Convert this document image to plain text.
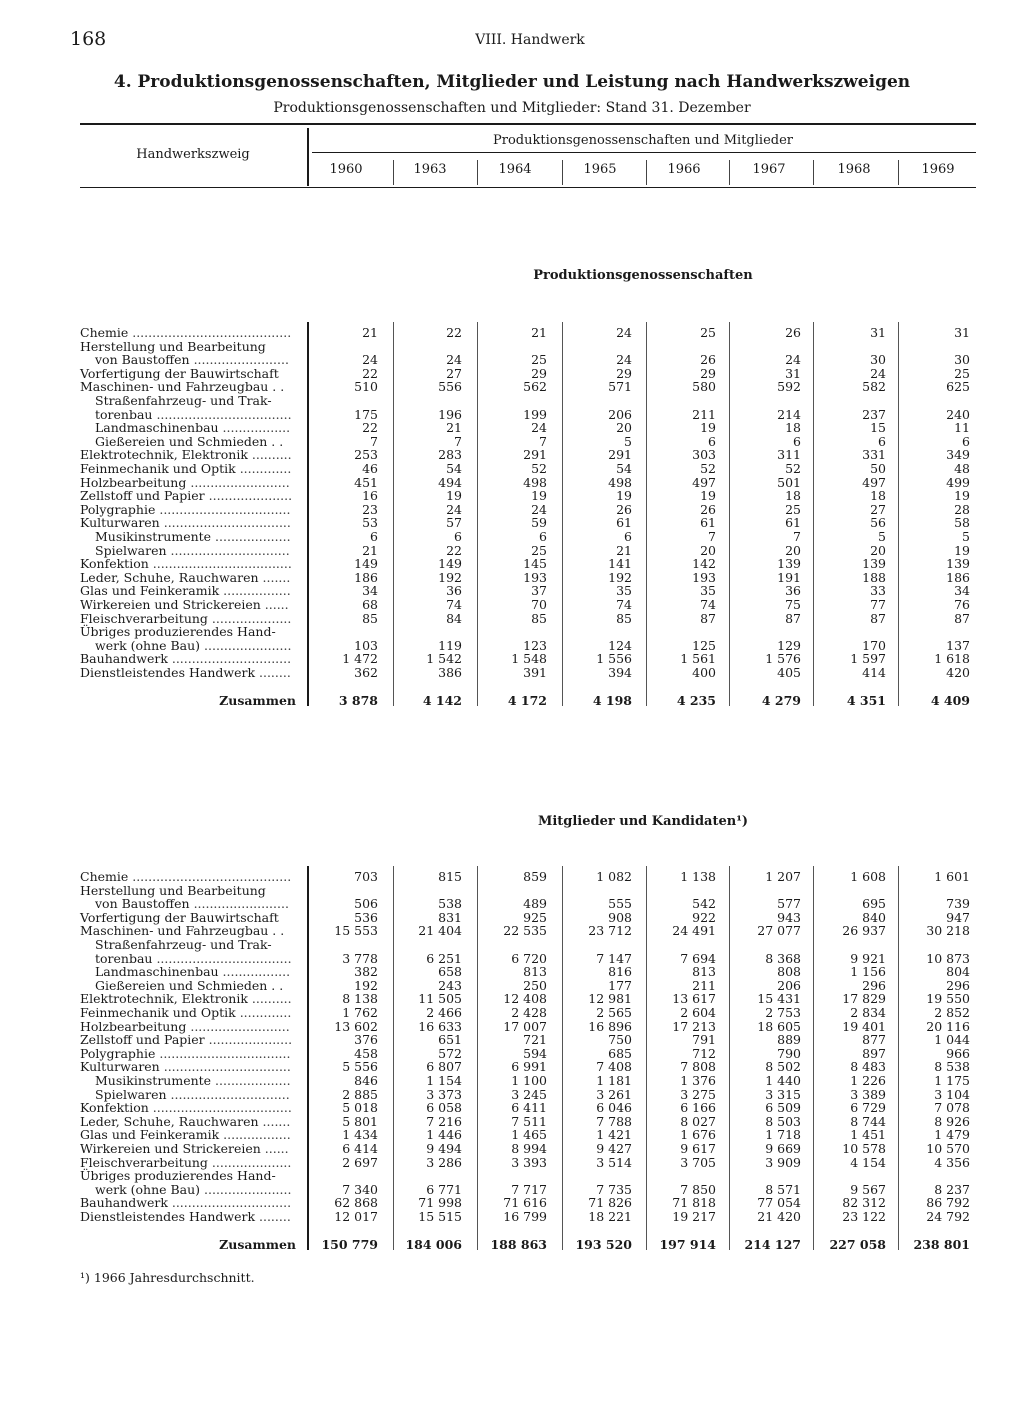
168	VIII. Handwerk
4. Produktionsgenossenschaften, Mitglieder und Leistung nach Handwerkszweigen
Produktionsgenossenschaften und Mitglieder: Stand 31. Dezember
Handwerkszweig
Produktionsgenossenschaften und Mitglieder
1960	1963	1964	1965	1966	1967	1968	1969
Produktionsgenossenschaften
Chemie ........................................	21	22	21	24	25	26	31	31
Herstellung und Bearbeitung
von Baustoffen ........................	24	24	25	24	26	24	30	30
Vorfertigung der Bauwirtschaft	22	27	29	29	29	31	24	25
Maschinen- und Fahrzeugbau . .	510	556	562	571	580	592	582	625
Straßenfahrzeug- und Trak-
torenbau ..................................	175	196	199	206	211	214	237	240
Landmaschinenbau .................	22	21	24	20	19	18	15	11
Gießereien und Schmieden . .	7	7	7	5	6	6	6	6
Elektrotechnik, Elektronik ..........	253	283	291	291	303	311	331	349
Feinmechanik und Optik .............	46	54	52	54	52	52	50	48
Holzbearbeitung .........................	451	494	498	498	497	501	497	499
Zellstoff und Papier .....................	16	19	19	19	19	18	18	19
Polygraphie .................................	23	24	24	26	26	25	27	28
Kulturwaren ................................	53	57	59	61	61	61	56	58
Musikinstrumente ...................	6	6	6	6	7	7	5	5
Spielwaren ..............................	21	22	25	21	20	20	20	19
Konfektion ...................................	149	149	145	141	142	139	139	139
Leder, Schuhe, Rauchwaren .......	186	192	193	192	193	191	188	186
Glas und Feinkeramik .................	34	36	37	35	35	36	33	34
Wirkereien und Strickereien ......	68	74	70	74	74	75	77	76
Fleischverarbeitung ....................	85	84	85	85	87	87	87	87
Übriges produzierendes Hand-
werk (ohne Bau) ......................	103	119	123	124	125	129	170	137
Bauhandwerk ..............................	1 472	1 542	1 548	1 556	1 561	1 576	1 597	1 618
Dienstleistendes Handwerk ........	362	386	391	394	400	405	414	420
Zusammen	3 878	4 142	4 172	4 198	4 235	4 279	4 351	4 409
Mitglieder und Kandidaten¹)
Chemie ........................................	703	815	859	1 082	1 138	1 207	1 608	1 601
Herstellung und Bearbeitung
von Baustoffen ........................	506	538	489	555	542	577	695	739
Vorfertigung der Bauwirtschaft	536	831	925	908	922	943	840	947
Maschinen- und Fahrzeugbau . .	15 553	21 404	22 535	23 712	24 491	27 077	26 937	30 218
Straßenfahrzeug- und Trak-
torenbau ..................................	3 778	6 251	6 720	7 147	7 694	8 368	9 921	10 873
Landmaschinenbau .................	382	658	813	816	813	808	1 156	804
Gießereien und Schmieden . .	192	243	250	177	211	206	296	296
Elektrotechnik, Elektronik ..........	8 138	11 505	12 408	12 981	13 617	15 431	17 829	19 550
Feinmechanik und Optik .............	1 762	2 466	2 428	2 565	2 604	2 753	2 834	2 852
Holzbearbeitung .........................	13 602	16 633	17 007	16 896	17 213	18 605	19 401	20 116
Zellstoff und Papier .....................	376	651	721	750	791	889	877	1 044
Polygraphie .................................	458	572	594	685	712	790	897	966
Kulturwaren ................................	5 556	6 807	6 991	7 408	7 808	8 502	8 483	8 538
Musikinstrumente ...................	846	1 154	1 100	1 181	1 376	1 440	1 226	1 175
Spielwaren ..............................	2 885	3 373	3 245	3 261	3 275	3 315	3 389	3 104
Konfektion ...................................	5 018	6 058	6 411	6 046	6 166	6 509	6 729	7 078
Leder, Schuhe, Rauchwaren .......	5 801	7 216	7 511	7 788	8 027	8 503	8 744	8 926
Glas und Feinkeramik .................	1 434	1 446	1 465	1 421	1 676	1 718	1 451	1 479
Wirkereien und Strickereien ......	6 414	9 494	8 994	9 427	9 617	9 669	10 578	10 570
Fleischverarbeitung ....................	2 697	3 286	3 393	3 514	3 705	3 909	4 154	4 356
Übriges produzierendes Hand-
werk (ohne Bau) ......................	7 340	6 771	7 717	7 735	7 850	8 571	9 567	8 237
Bauhandwerk ..............................	62 868	71 998	71 616	71 826	71 818	77 054	82 312	86 792
Dienstleistendes Handwerk ........	12 017	15 515	16 799	18 221	19 217	21 420	23 122	24 792
Zusammen	150 779	184 006	188 863	193 520	197 914	214 127	227 058	238 801
¹) 1966 Jahresdurchschnitt.
